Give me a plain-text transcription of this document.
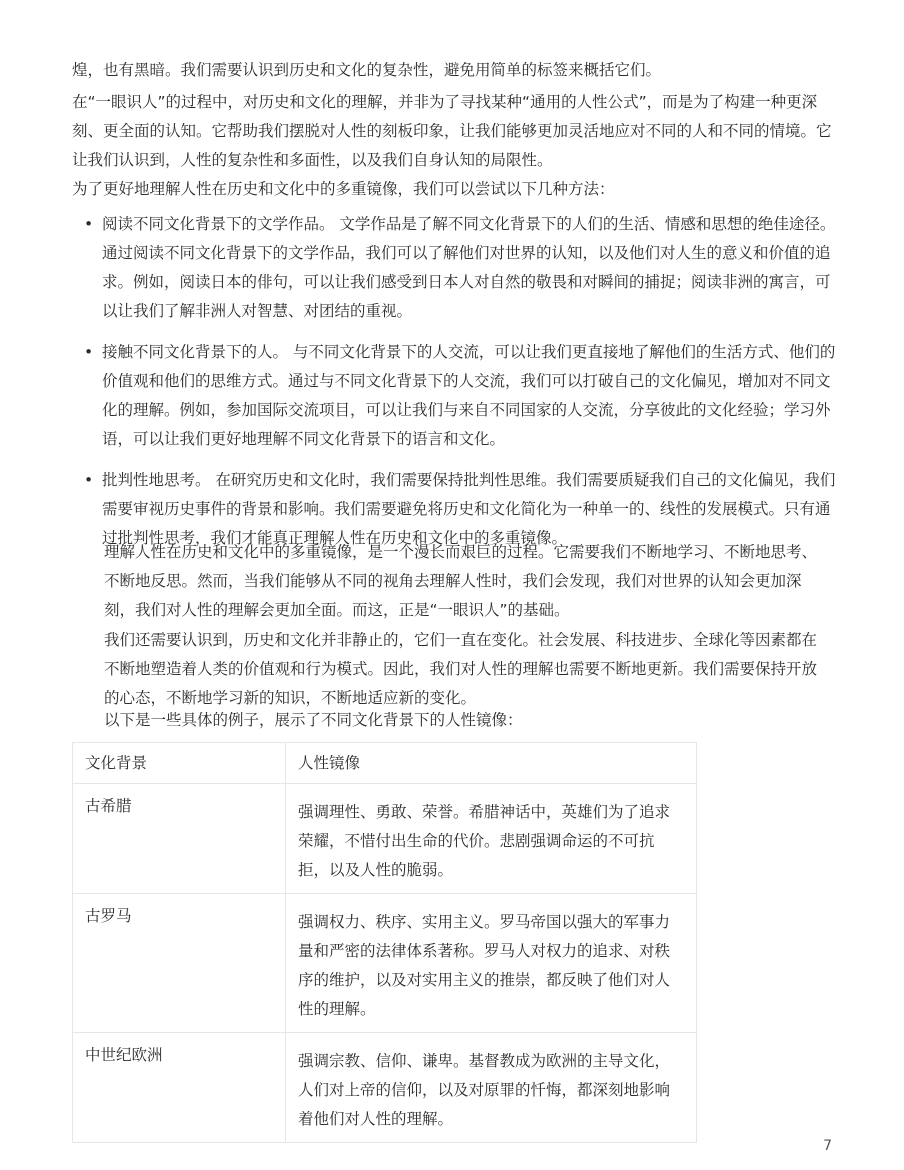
煌，也有黑暗。我们需要认识到历史和文化的复杂性，避免用简单的标签来概括它们。

在“一眼识人”的过程中，对历史和文化的理解，并非为了寻找某种“通用的人性公式”，而是为了构建一种更深刻、更全面的认知。它帮助我们摆脱对人性的刻板印象，让我们能够更加灵活地应对不同的人和不同的情境。它让我们认识到，人性的复杂性和多面性，以及我们自身认知的局限性。

为了更好地理解人性在历史和文化中的多重镜像，我们可以尝试以下几种方法：

• 阅读不同文化背景下的文学作品。 文学作品是了解不同文化背景下的人们的生活、情感和思想的绝佳途径。通过阅读不同文化背景下的文学作品，我们可以了解他们对世界的认知，以及他们对人生的意义和价值的追求。例如，阅读日本的俳句，可以让我们感受到日本人对自然的敬畏和对瞬间的捕捉；阅读非洲的寓言，可以让我们了解非洲人对智慧、对团结的重视。
• 接触不同文化背景下的人。 与不同文化背景下的人交流，可以让我们更直接地了解他们的生活方式、他们的价值观和他们的思维方式。通过与不同文化背景下的人交流，我们可以打破自己的文化偏见，增加对不同文化的理解。例如，参加国际交流项目，可以让我们与来自不同国家的人交流，分享彼此的文化经验；学习外语，可以让我们更好地理解不同文化背景下的语言和文化。
• 批判性地思考。 在研究历史和文化时，我们需要保持批判性思维。我们需要质疑我们自己的文化偏见，我们需要审视历史事件的背景和影响。我们需要避免将历史和文化简化为一种单一的、线性的发展模式。只有通过批判性思考，我们才能真正理解人性在历史和文化中的多重镜像。

理解人性在历史和文化中的多重镜像，是一个漫长而艰巨的过程。它需要我们不断地学习、不断地思考、不断地反思。然而，当我们能够从不同的视角去理解人性时，我们会发现，我们对世界的认知会更加深刻，我们对人性的理解会更加全面。而这，正是“一眼识人”的基础。

我们还需要认识到，历史和文化并非静止的，它们一直在变化。社会发展、科技进步、全球化等因素都在不断地塑造着人类的价值观和行为模式。因此，我们对人性的理解也需要不断地更新。我们需要保持开放的心态，不断地学习新的知识，不断地适应新的变化。

以下是一些具体的例子，展示了不同文化背景下的人性镜像：

文化背景	人性镜像
古希腊	强调理性、勇敢、荣誉。希腊神话中，英雄们为了追求荣耀，不惜付出生命的代价。悲剧强调命运的不可抗拒，以及人性的脆弱。
古罗马	强调权力、秩序、实用主义。罗马帝国以强大的军事力量和严密的法律体系著称。罗马人对权力的追求、对秩序的维护，以及对实用主义的推崇，都反映了他们对人性的理解。
中世纪欧洲	强调宗教、信仰、谦卑。基督教成为欧洲的主导文化，人们对上帝的信仰，以及对原罪的忏悔，都深刻地影响着他们对人性的理解。
7
